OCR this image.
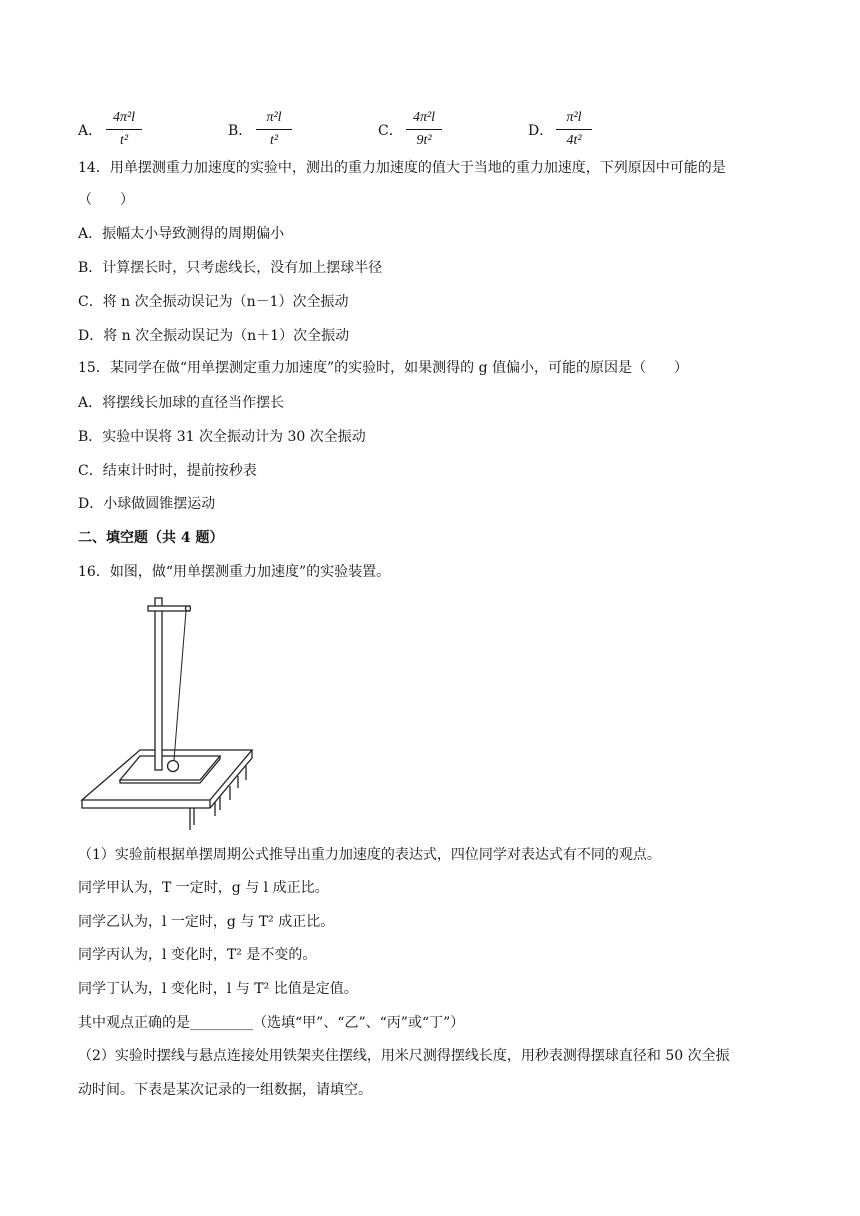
A．
4π²l
t²
B．
π²l
t²
C．
4π²l
9t²
D．
π²l
4t²
14．用单摆测重力加速度的实验中，测出的重力加速度的值大于当地的重力加速度，下列原因中可能的是
（　　）
A．振幅太小导致测得的周期偏小
B．计算摆长时，只考虑线长，没有加上摆球半径
C．将 n 次全振动误记为（n－1）次全振动
D．将 n 次全振动误记为（n＋1）次全振动
15．某同学在做“用单摆测定重力加速度”的实验时，如果测得的 g 值偏小，可能的原因是（　　）
A．将摆线长加球的直径当作摆长
B．实验中误将 31 次全振动计为 30 次全振动
C．结束计时时，提前按秒表
D．小球做圆锥摆运动
二、填空题（共 4 题）
16．如图，做“用单摆测重力加速度”的实验装置。
（1）实验前根据单摆周期公式推导出重力加速度的表达式，四位同学对表达式有不同的观点。
同学甲认为，T 一定时，g 与 l 成正比。
同学乙认为，l 一定时，g 与 T² 成正比。
同学丙认为，l 变化时，T² 是不变的。
同学丁认为，l 变化时，l 与 T² 比值是定值。
其中观点正确的是_________（选填“甲”、“乙”、“丙”或“丁”）
（2）实验时摆线与悬点连接处用铁架夹住摆线，用米尺测得摆线长度，用秒表测得摆球直径和 50 次全振
动时间。下表是某次记录的一组数据，请填空。
